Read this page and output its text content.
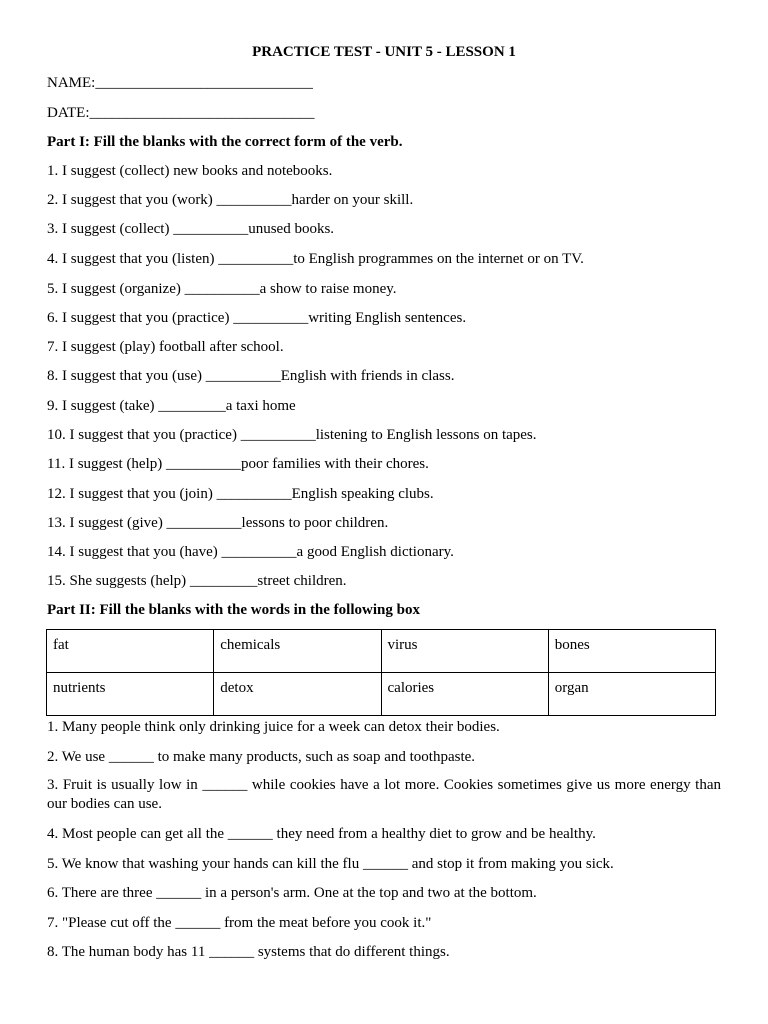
PRACTICE TEST - UNIT 5 - LESSON 1
NAME:_____________________________
DATE:______________________________
Part I: Fill the blanks with the correct form of the verb.
1. I suggest (collect) new books and notebooks.
2. I suggest that you (work) __________harder on your skill.
3. I suggest (collect) __________unused books.
4. I suggest that you (listen) __________to English programmes on the internet or on TV.
5. I suggest (organize) __________a show to raise money.
6. I suggest that you (practice) __________writing English sentences.
7. I suggest (play) football after school.
8. I suggest that you (use) __________English with friends in class.
9. I suggest (take) _________a taxi home
10. I suggest that you (practice) __________listening to English lessons on tapes.
11. I suggest (help) __________poor families with their chores.
12. I suggest that you (join) __________English speaking clubs.
13. I suggest (give) __________lessons to poor children.
14. I suggest that you (have) __________a good English dictionary.
15. She suggests (help) _________street children.
Part II: Fill the blanks with the words in the following box
fat	chemicals	virus	bones
nutrients	detox	calories	organ
1. Many people think only drinking juice for a week can detox their bodies.
2. We use ______ to make many products, such as soap and toothpaste.
3. Fruit is usually low in ______ while cookies have a lot more. Cookies sometimes give us more energy than our bodies can use.
4. Most people can get all the ______ they need from a healthy diet to grow and be healthy.
5. We know that washing your hands can kill the flu ______ and stop it from making you sick.
6. There are three ______ in a person's arm. One at the top and two at the bottom.
7. "Please cut off the ______ from the meat before you cook it."
8. The human body has 11 ______ systems that do different things.
